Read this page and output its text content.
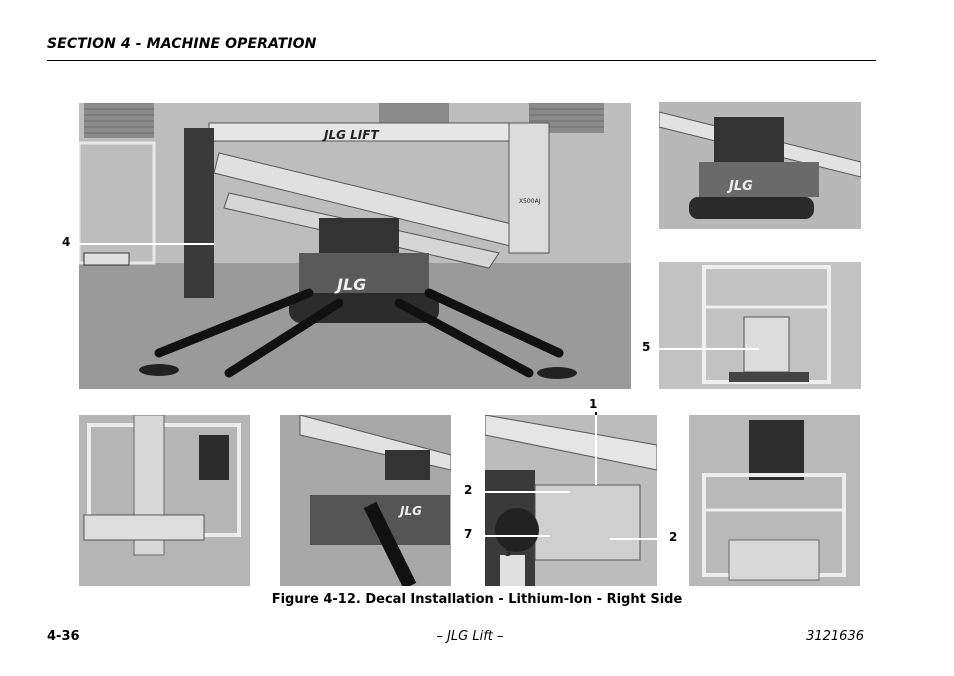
SECTION 4 - MACHINE OPERATION
JLG LIFT
X500AJ
JLG
JLG
JLG
3
4
5
1
2
7	2
Figure 4-12. Decal Installation - Lithium-Ion - Right Side
4-36	– JLG Lift –	3121636
